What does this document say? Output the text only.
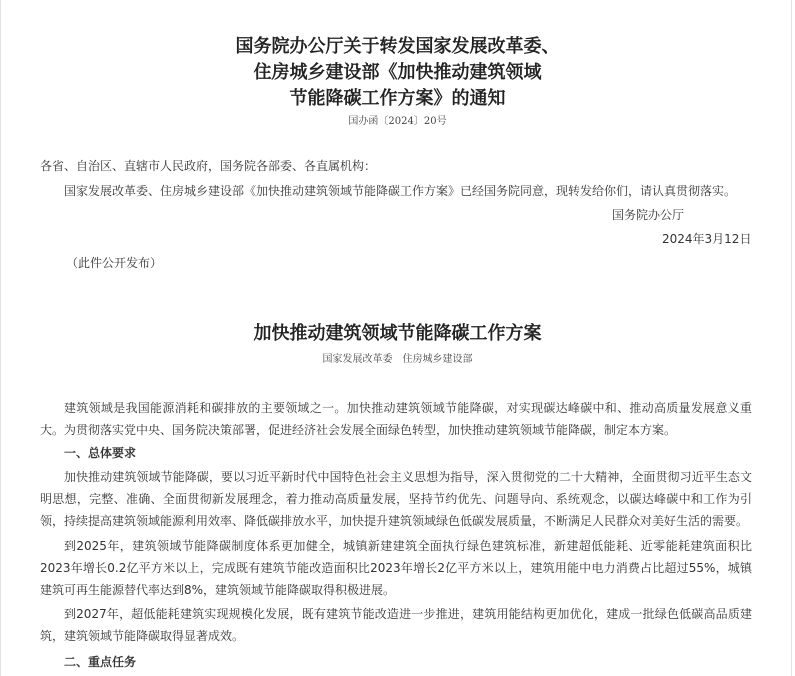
国务院办公厅关于转发国家发展改革委、
住房城乡建设部《加快推动建筑领域
节能降碳工作方案》的通知
国办函〔2024〕20号
各省、自治区、直辖市人民政府，国务院各部委、各直属机构：
国家发展改革委、住房城乡建设部《加快推动建筑领域节能降碳工作方案》已经国务院同意，现转发给你们，请认真贯彻落实。
国务院办公厅
2024年3月12日
（此件公开发布）
加快推动建筑领域节能降碳工作方案
国家发展改革委　住房城乡建设部
建筑领域是我国能源消耗和碳排放的主要领域之一。加快推动建筑领域节能降碳，对实现碳达峰碳中和、推动高质量发展意义重大。为贯彻落实党中央、国务院决策部署，促进经济社会发展全面绿色转型，加快推动建筑领域节能降碳，制定本方案。
一、总体要求
加快推动建筑领域节能降碳，要以习近平新时代中国特色社会主义思想为指导，深入贯彻党的二十大精神，全面贯彻习近平生态文明思想，完整、准确、全面贯彻新发展理念，着力推动高质量发展，坚持节约优先、问题导向、系统观念，以碳达峰碳中和工作为引领，持续提高建筑领域能源利用效率、降低碳排放水平，加快提升建筑领域绿色低碳发展质量，不断满足人民群众对美好生活的需要。
到2025年，建筑领域节能降碳制度体系更加健全，城镇新建建筑全面执行绿色建筑标准，新建超低能耗、近零能耗建筑面积比2023年增长0.2亿平方米以上，完成既有建筑节能改造面积比2023年增长2亿平方米以上，建筑用能中电力消费占比超过55%，城镇建筑可再生能源替代率达到8%，建筑领域节能降碳取得积极进展。
到2027年，超低能耗建筑实现规模化发展，既有建筑节能改造进一步推进，建筑用能结构更加优化，建成一批绿色低碳高品质建筑，建筑领域节能降碳取得显著成效。
二、重点任务
